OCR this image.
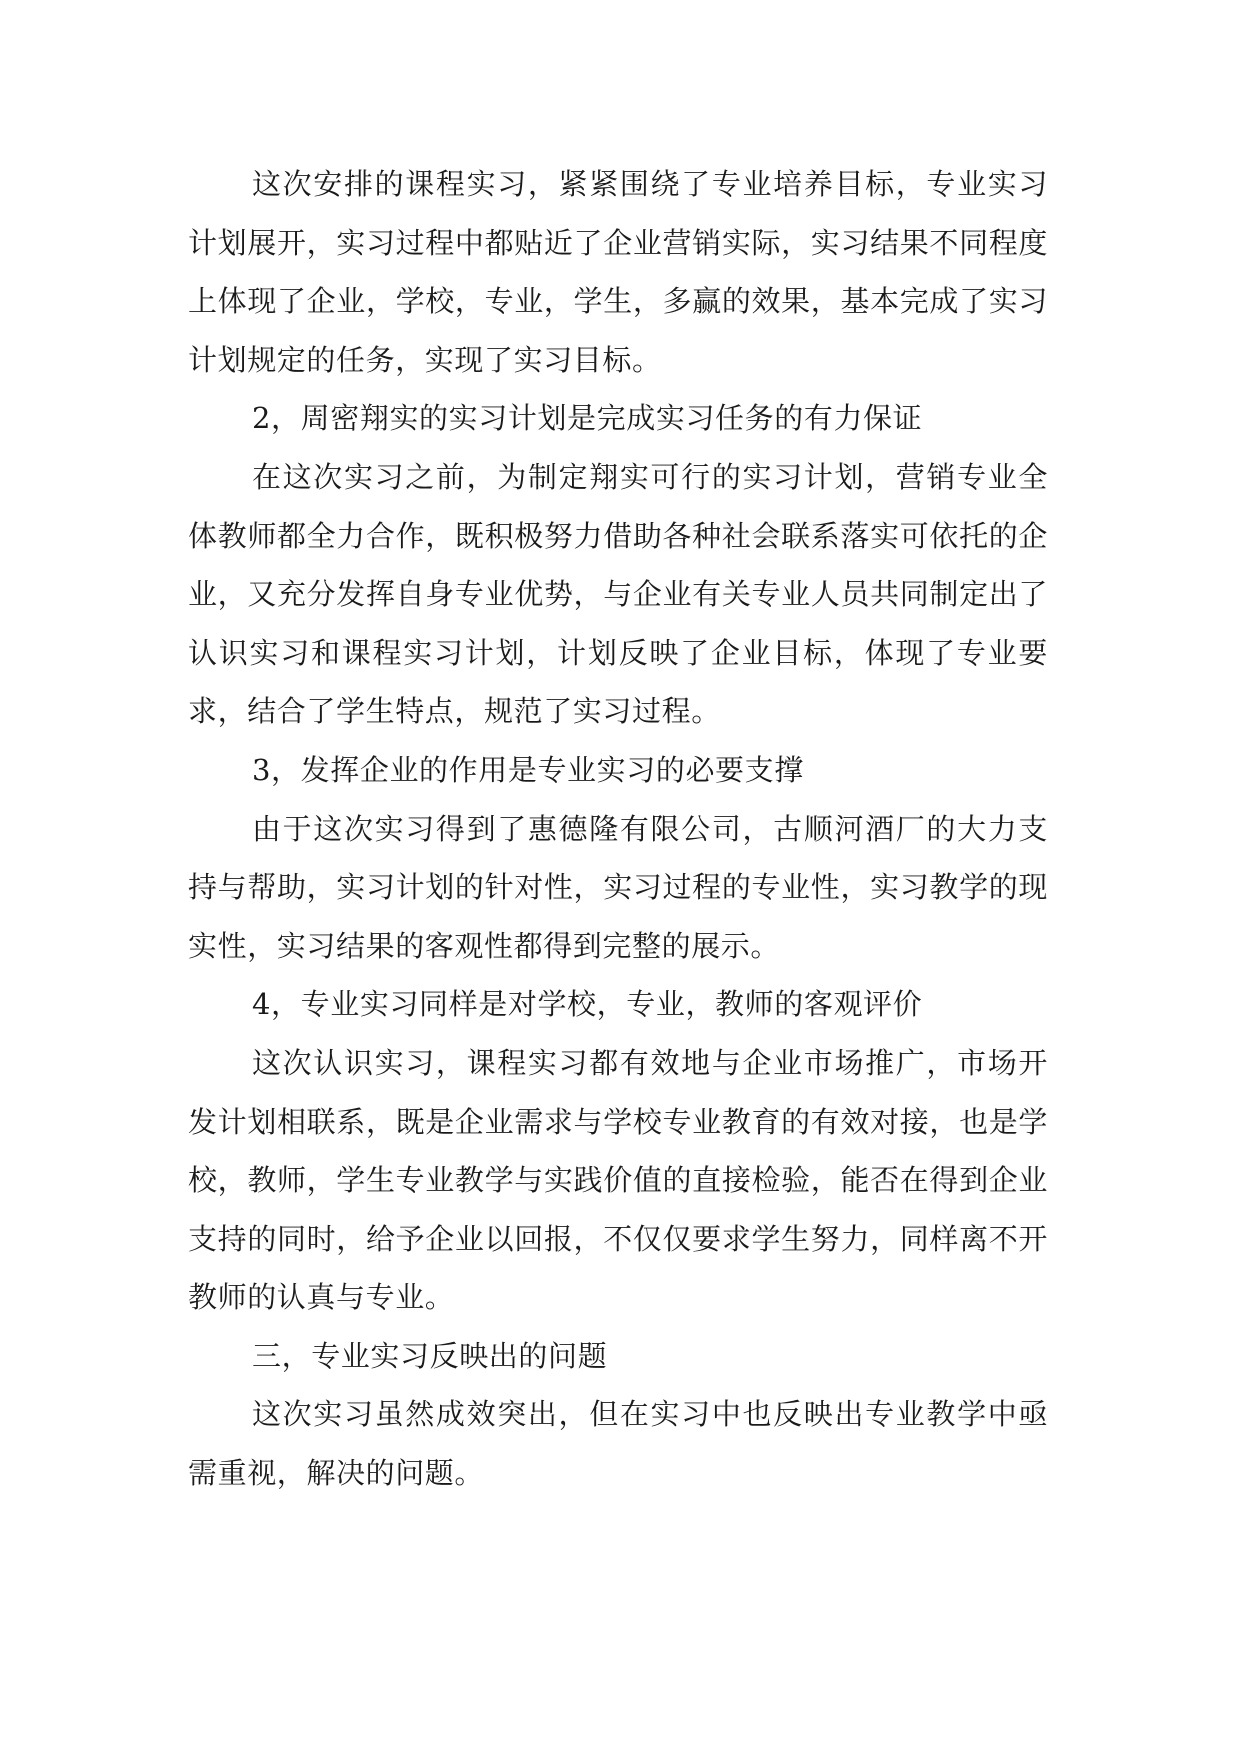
这次安排的课程实习，紧紧围绕了专业培养目标，专业实习计划展开，实习过程中都贴近了企业营销实际，实习结果不同程度上体现了企业，学校，专业，学生，多赢的效果，基本完成了实习计划规定的任务，实现了实习目标。

2，周密翔实的实习计划是完成实习任务的有力保证

在这次实习之前，为制定翔实可行的实习计划，营销专业全体教师都全力合作，既积极努力借助各种社会联系落实可依托的企业，又充分发挥自身专业优势，与企业有关专业人员共同制定出了认识实习和课程实习计划，计划反映了企业目标，体现了专业要求，结合了学生特点，规范了实习过程。

3，发挥企业的作用是专业实习的必要支撑

由于这次实习得到了惠德隆有限公司，古顺河酒厂的大力支持与帮助，实习计划的针对性，实习过程的专业性，实习教学的现实性，实习结果的客观性都得到完整的展示。

4，专业实习同样是对学校，专业，教师的客观评价

这次认识实习，课程实习都有效地与企业市场推广，市场开发计划相联系，既是企业需求与学校专业教育的有效对接，也是学校，教师，学生专业教学与实践价值的直接检验，能否在得到企业支持的同时，给予企业以回报，不仅仅要求学生努力，同样离不开教师的认真与专业。

三，专业实习反映出的问题

这次实习虽然成效突出，但在实习中也反映出专业教学中亟需重视，解决的问题。
